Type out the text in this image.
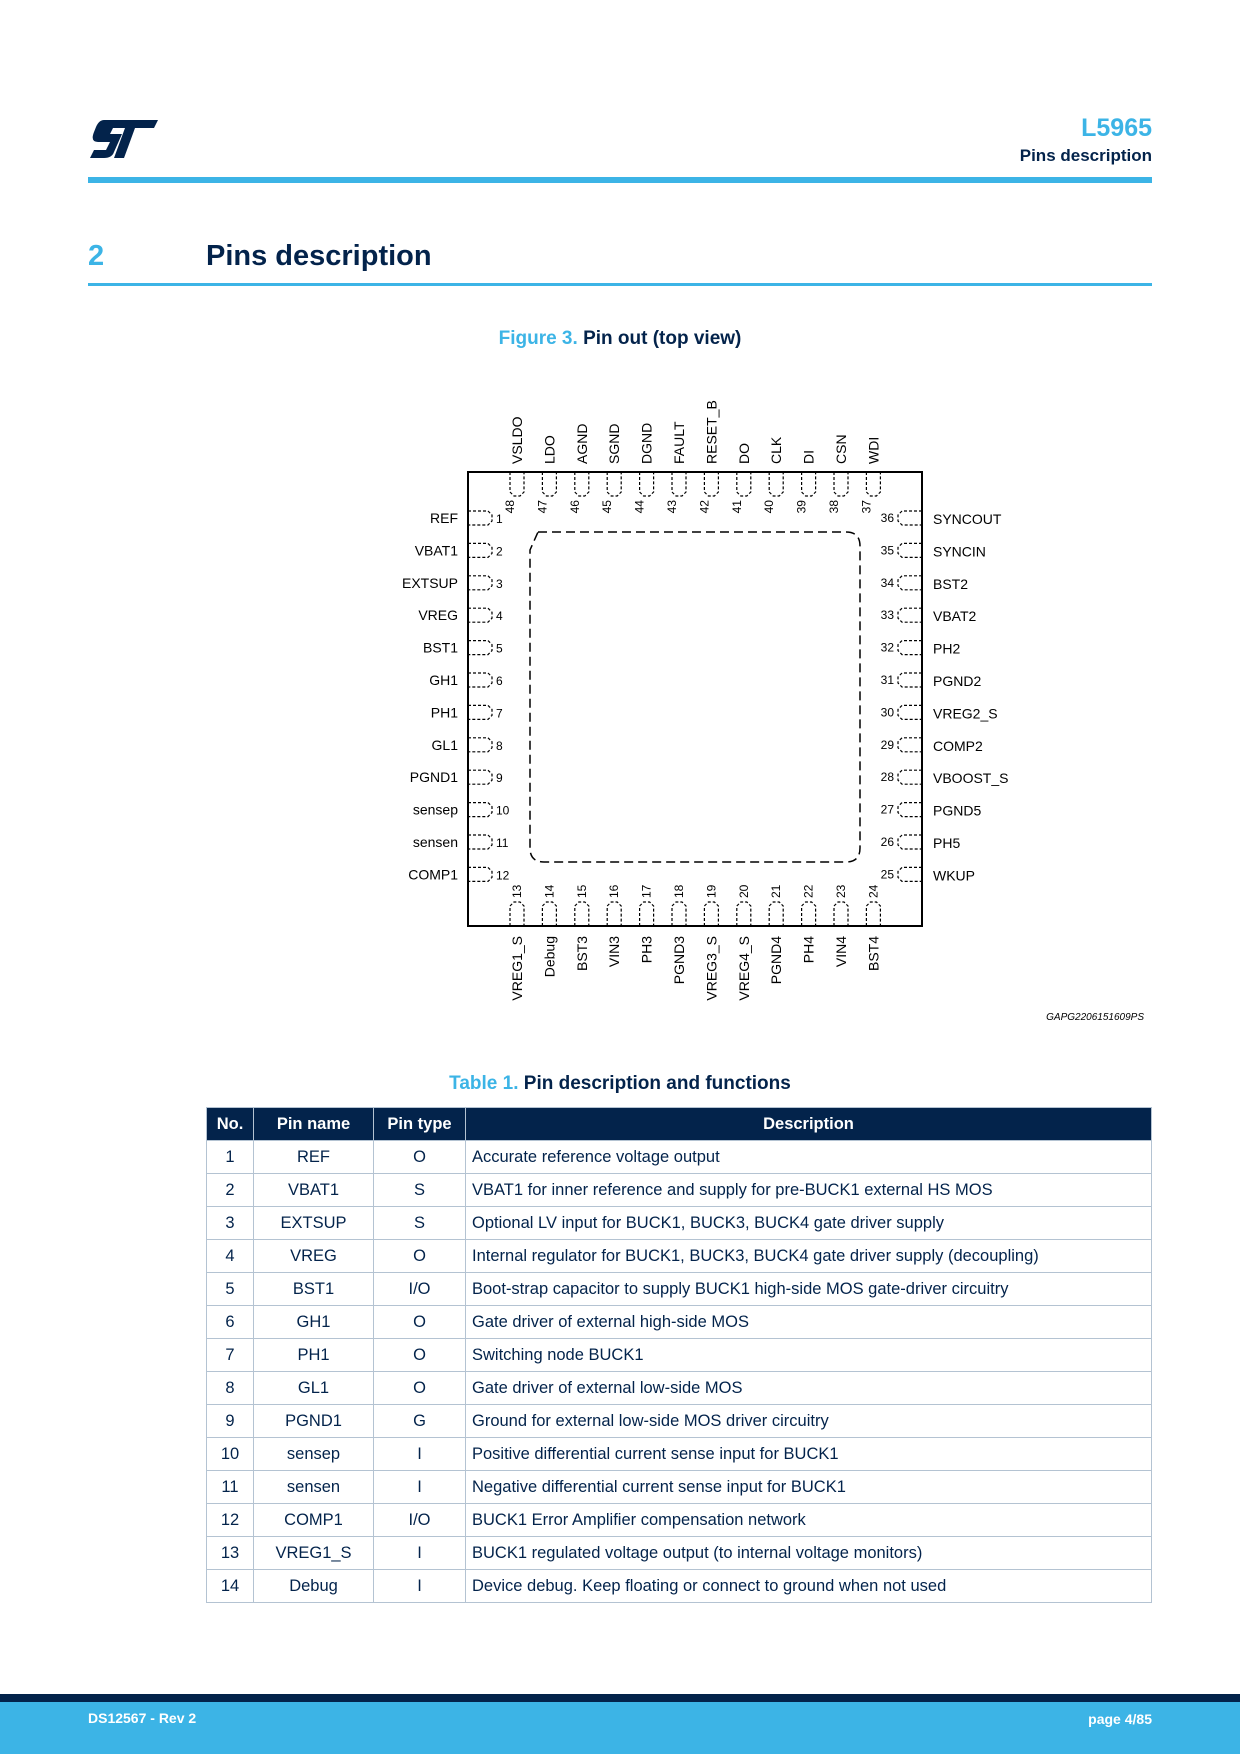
L5965
Pins description
2	Pins description
Figure 3. Pin out (top view)
1
REF
2
VBAT1
3
EXTSUP
4
VREG
5
BST1
6
GH1
7
PH1
8
GL1
9
PGND1
10
sensep
11
sensen
12
COMP1
36	SYNCOUT
35	SYNCIN
34	BST2
33	VBAT2
32	PH2
31	PGND2
30	VREG2_S
29	COMP2
28	VBOOST_S
27	PGND5
26	PH5
25	WKUP
48
VSLDO
47
LDO
46
AGND
45
SGND
44
DGND
43
FAULT
42
RESET_B
41
DO
40
CLK
39
DI
38
CSN
37
WDI
13
VREG1_S
14
Debug
15
BST3
16
VIN3
17
PH3
18
PGND3
19
VREG3_S
20
VREG4_S
21
PGND4
22
PH4
23
VIN4
24
BST4
GAPG2206151609PS
Table 1. Pin description and functions
No.	Pin name	Pin type	Description
1	REF	O	Accurate reference voltage output
2	VBAT1	S	VBAT1 for inner reference and supply for pre-BUCK1 external HS MOS
3	EXTSUP	S	Optional LV input for BUCK1, BUCK3, BUCK4 gate driver supply
4	VREG	O	Internal regulator for BUCK1, BUCK3, BUCK4 gate driver supply (decoupling)
5	BST1	I/O	Boot-strap capacitor to supply BUCK1 high-side MOS gate-driver circuitry
6	GH1	O	Gate driver of external high-side MOS
7	PH1	O	Switching node BUCK1
8	GL1	O	Gate driver of external low-side MOS
9	PGND1	G	Ground for external low-side MOS driver circuitry
10	sensep	I	Positive differential current sense input for BUCK1
11	sensen	I	Negative differential current sense input for BUCK1
12	COMP1	I/O	BUCK1 Error Amplifier compensation network
13	VREG1_S	I	BUCK1 regulated voltage output (to internal voltage monitors)
14	Debug	I	Device debug. Keep floating or connect to ground when not used
DS12567 - Rev 2	page 4/85
